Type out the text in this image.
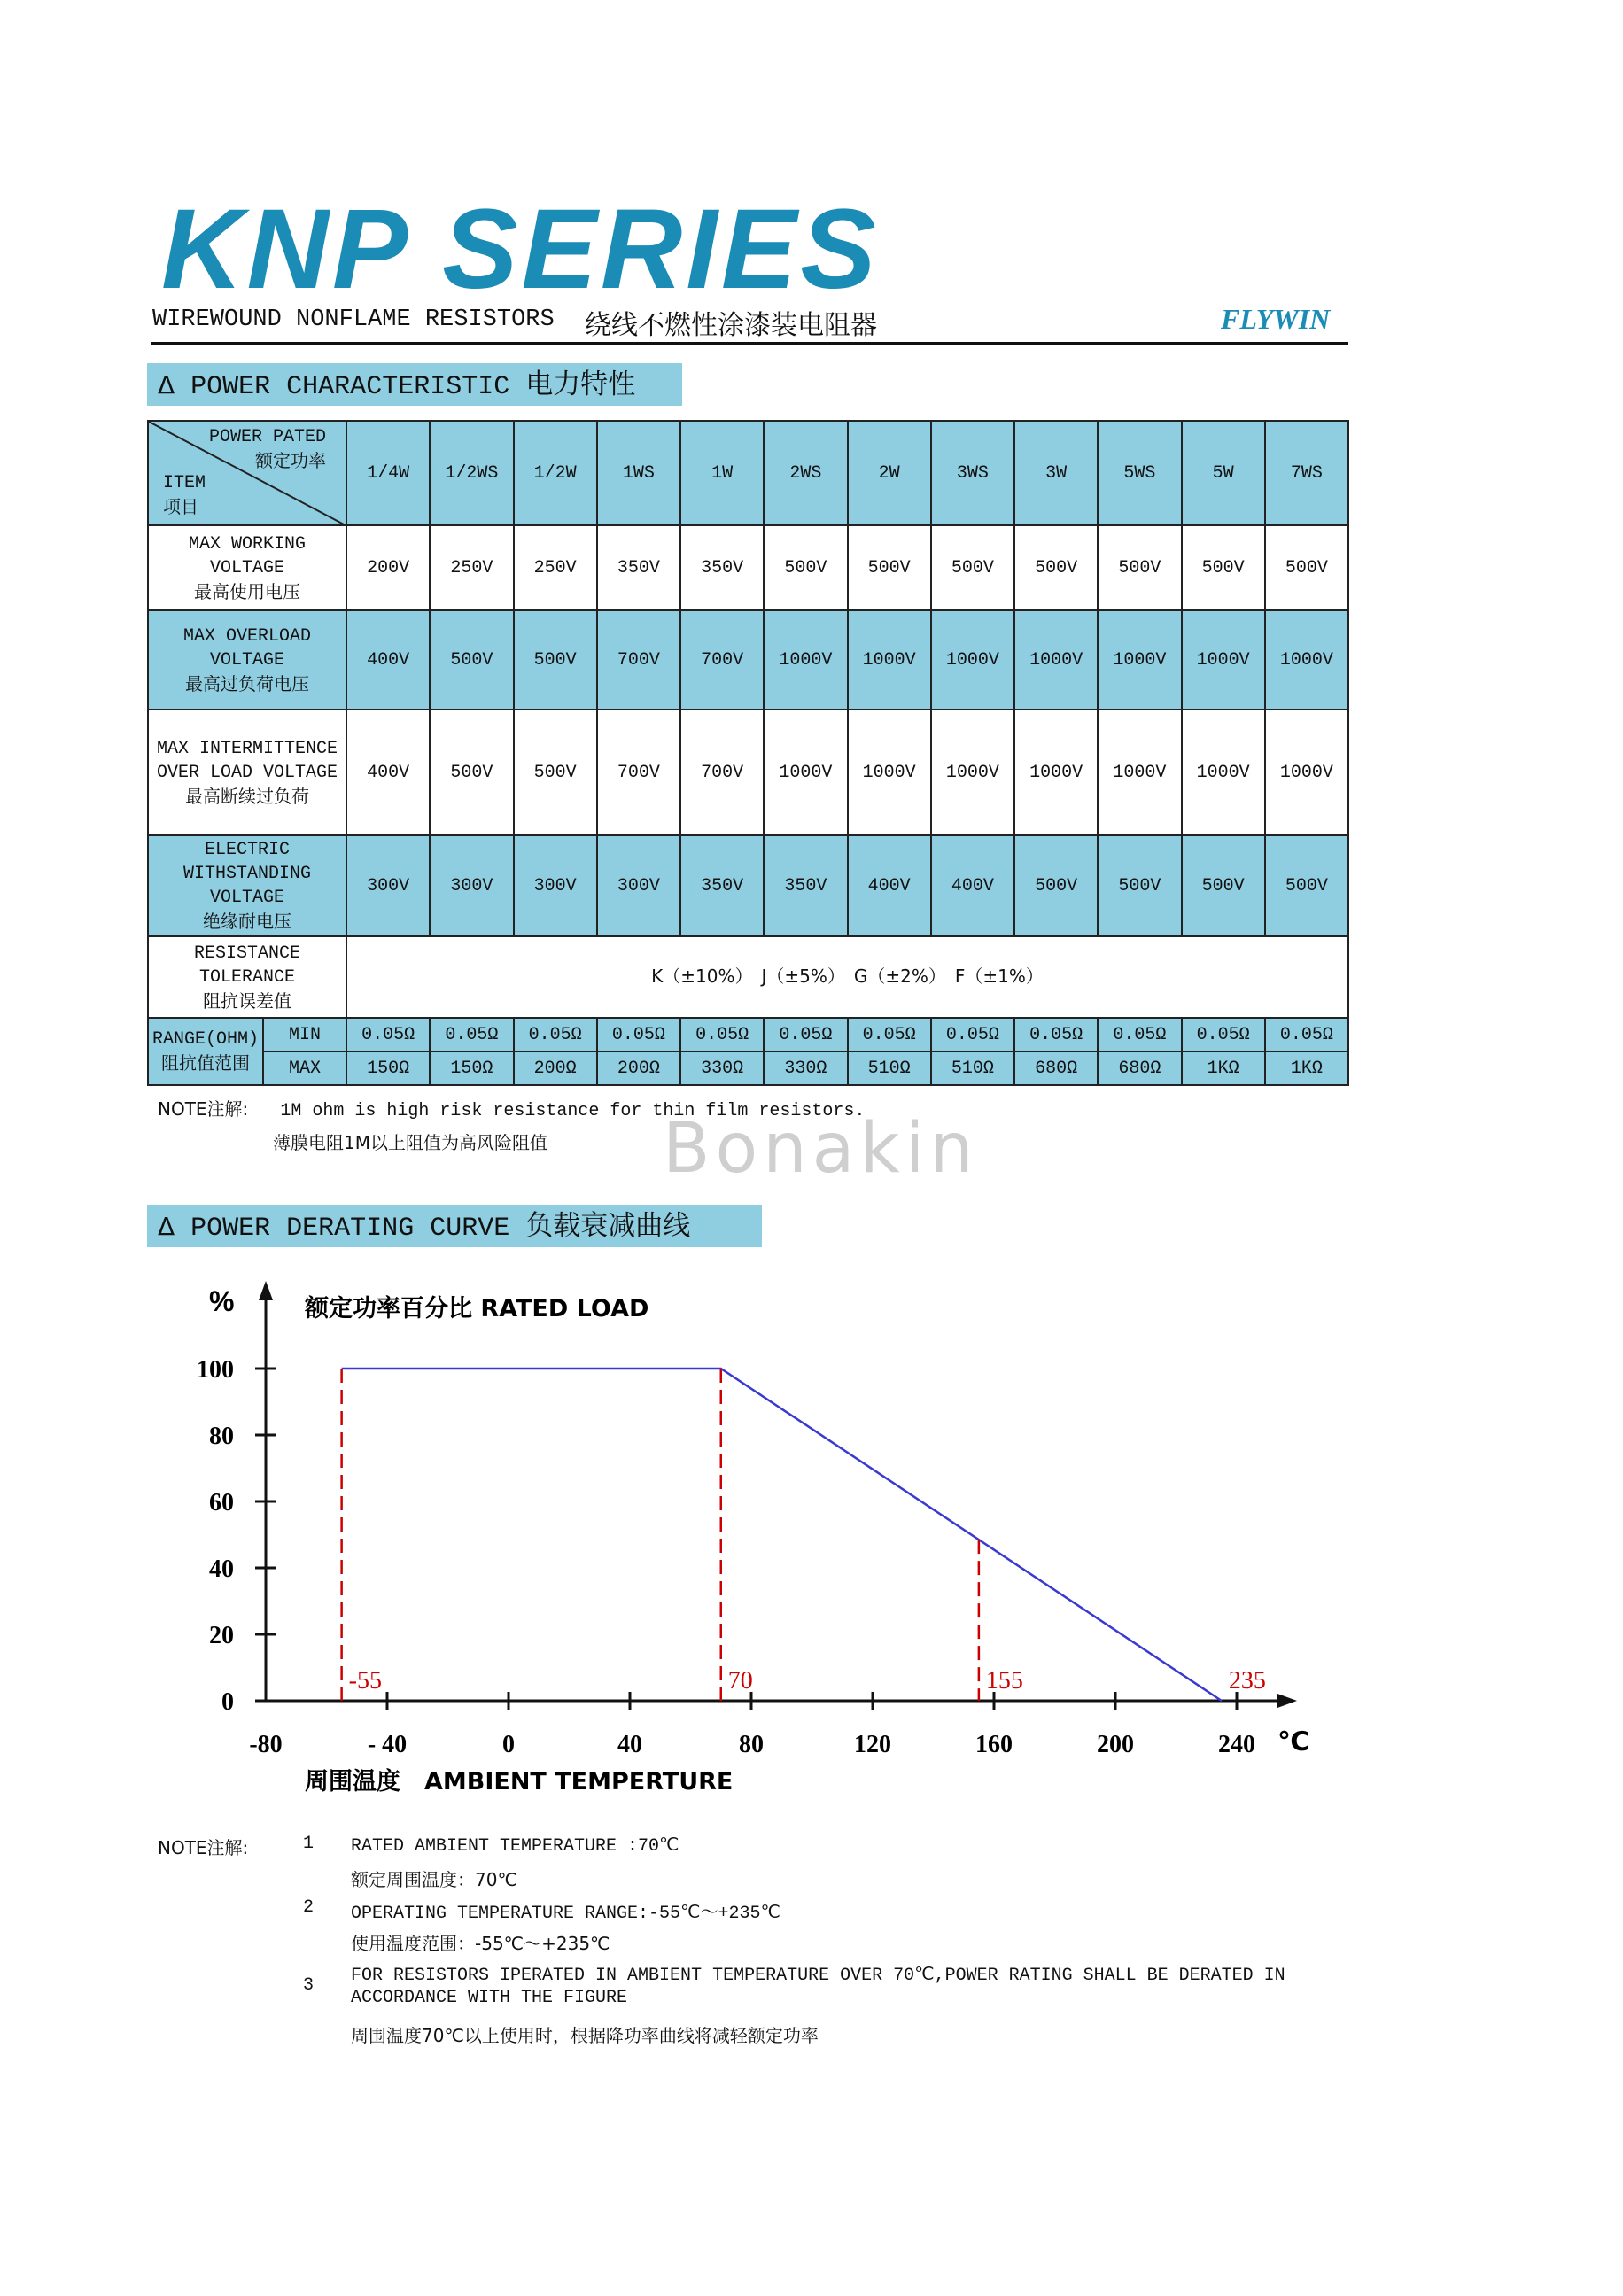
KNP SERIES
WIREWOUND NONFLAME RESISTORS 绕线不燃性涂漆装电阻器	FLYWIN
Δ POWER CHARACTERISTIC 电力特性
POWER PATED
额定功率
ITEM
项目		1/4W	1/2WS	1/2W	1WS	1W	2WS	2W	3WS	3W	5WS	5W	7WS

MAX WORKING
VOLTAGE
最高使用电压		200V	250V	250V	350V	350V	500V	500V	500V	500V	500V	500V	500V

MAX OVERLOAD
VOLTAGE
最高过负荷电压		400V	500V	500V	700V	700V	1000V	1000V	1000V	1000V	1000V	1000V	1000V

MAX INTERMITTENCE
OVER LOAD VOLTAGE
最高断续过负荷		400V	500V	500V	700V	700V	1000V	1000V	1000V	1000V	1000V	1000V	1000V

ELECTRIC
WITHSTANDING
VOLTAGE
绝缘耐电压		300V	300V	300V	300V	350V	350V	400V	400V	500V	500V	500V	500V

RESISTANCE
TOLERANCE
阻抗误差值		K（±10%）　J（±5%）　G（±2%）　F（±1%）											

RANGE(OHM)
阻抗值范围	MIN	0.05Ω	0.05Ω	0.05Ω	0.05Ω	0.05Ω	0.05Ω	0.05Ω	0.05Ω	0.05Ω	0.05Ω	0.05Ω	0.05Ω
	MAX	150Ω	150Ω	200Ω	200Ω	330Ω	330Ω	510Ω	510Ω	680Ω	680Ω	1KΩ	1KΩ
NOTE注解: 1M ohm is high risk resistance for thin film resistors.
薄膜电阻1M以上阻值为高风险阻值 Bonakin
Δ POWER DERATING CURVE 负载衰减曲线
%	额定功率百分比 RATED LOAD
周围温度　AMBIENT TEMPERTURE
℃
0
20
40
60
80
100
-80	- 40	0	40	80	120	160	200	240
-55	70	155	235
NOTE注解:	1 RATED AMBIENT TEMPERATURE :70℃
额定周围温度：70℃
2 OPERATING TEMPERATURE RANGE:-55℃～+235℃
使用温度范围：-55℃～+235℃
3 FOR RESISTORS IPERATED IN AMBIENT TEMPERATURE OVER 70℃,POWER RATING SHALL BE DERATED IN
ACCORDANCE WITH THE FIGURE
周围温度70℃以上使用时，根据降功率曲线将减轻额定功率
